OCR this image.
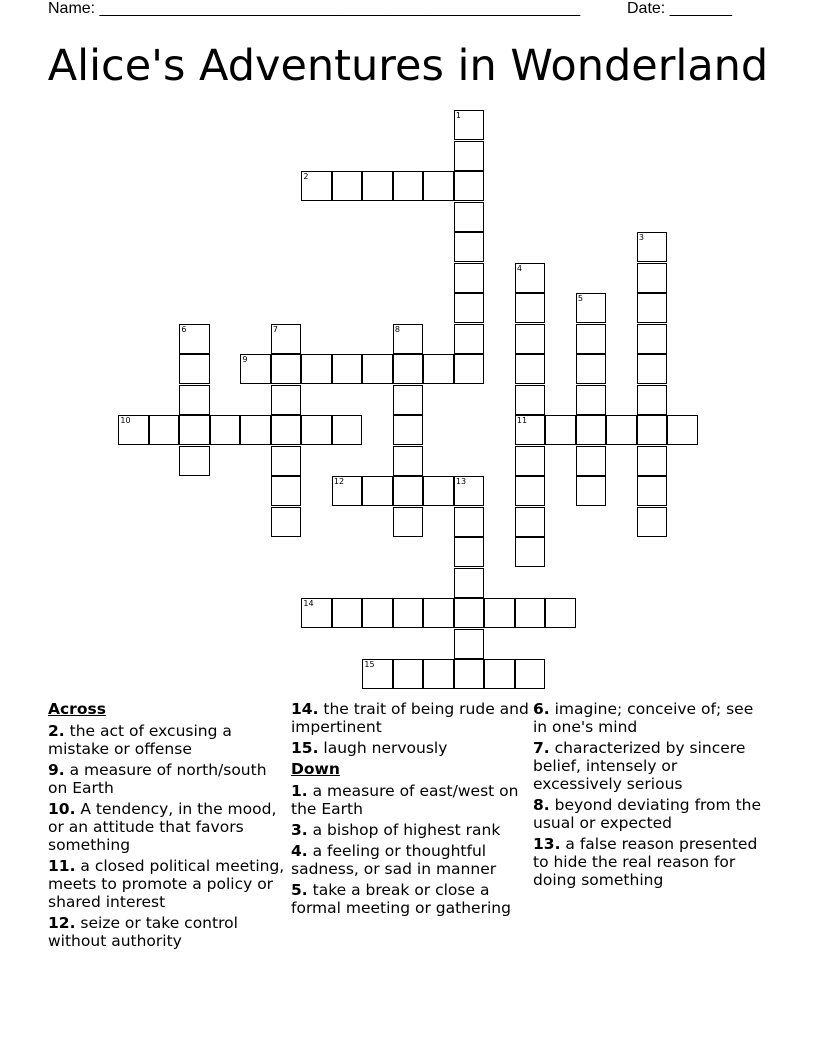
Name: ______________________________________________________	Date: _______
Alice's Adventures in Wonderland
2
9
10	11
12	13
14
15
1
3
4
5
6	7	8
Across
2. the act of excusing a mistake or offense
9. a measure of north/south on Earth
10. A tendency, in the mood, or an attitude that favors something
11. a closed political meeting, meets to promote a policy or shared interest
12. seize or take control without authority
14. the trait of being rude and impertinent
15. laugh nervously
Down
1. a measure of east/west on the Earth
3. a bishop of highest rank
4. a feeling or thoughtful sadness, or sad in manner
5. take a break or close a formal meeting or gathering
6. imagine; conceive of; see in one's mind
7. characterized by sincere belief, intensely or excessively serious
8. beyond deviating from the usual or expected
13. a false reason presented to hide the real reason for doing something
